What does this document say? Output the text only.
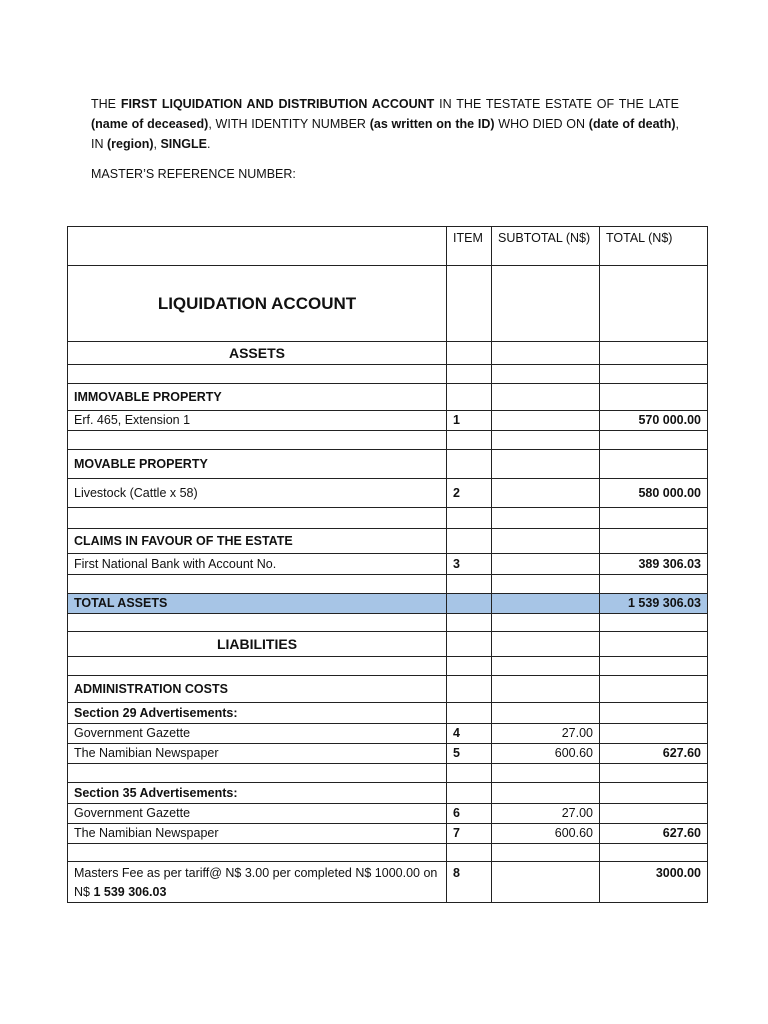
THE FIRST LIQUIDATION AND DISTRIBUTION ACCOUNT IN THE TESTATE ESTATE OF THE LATE (name of deceased), WITH IDENTITY NUMBER (as written on the ID) WHO DIED ON (date of death), IN (region), SINGLE.
MASTER’S REFERENCE NUMBER:
	ITEM	SUBTOTAL (N$)	TOTAL (N$)
LIQUIDATION ACCOUNT			
ASSETS			

IMMOVABLE PROPERTY			
Erf. 465, Extension 1	1		570 000.00

MOVABLE PROPERTY			
Livestock (Cattle x 58)	2		580 000.00

CLAIMS IN FAVOUR OF THE ESTATE			
First National Bank with Account No.	3		389 306.03

TOTAL ASSETS			1 539 306.03

LIABILITIES			

ADMINISTRATION COSTS			
Section 29 Advertisements:			
Government Gazette	4	27.00	
The Namibian Newspaper	5	600.60	627.60

Section 35 Advertisements:			
Government Gazette	6	27.00	
The Namibian Newspaper	7	600.60	627.60

Masters Fee as per tariff@ N$ 3.00 per completed N$ 1000.00 on N$ 1 539 306.03	8		3000.00
